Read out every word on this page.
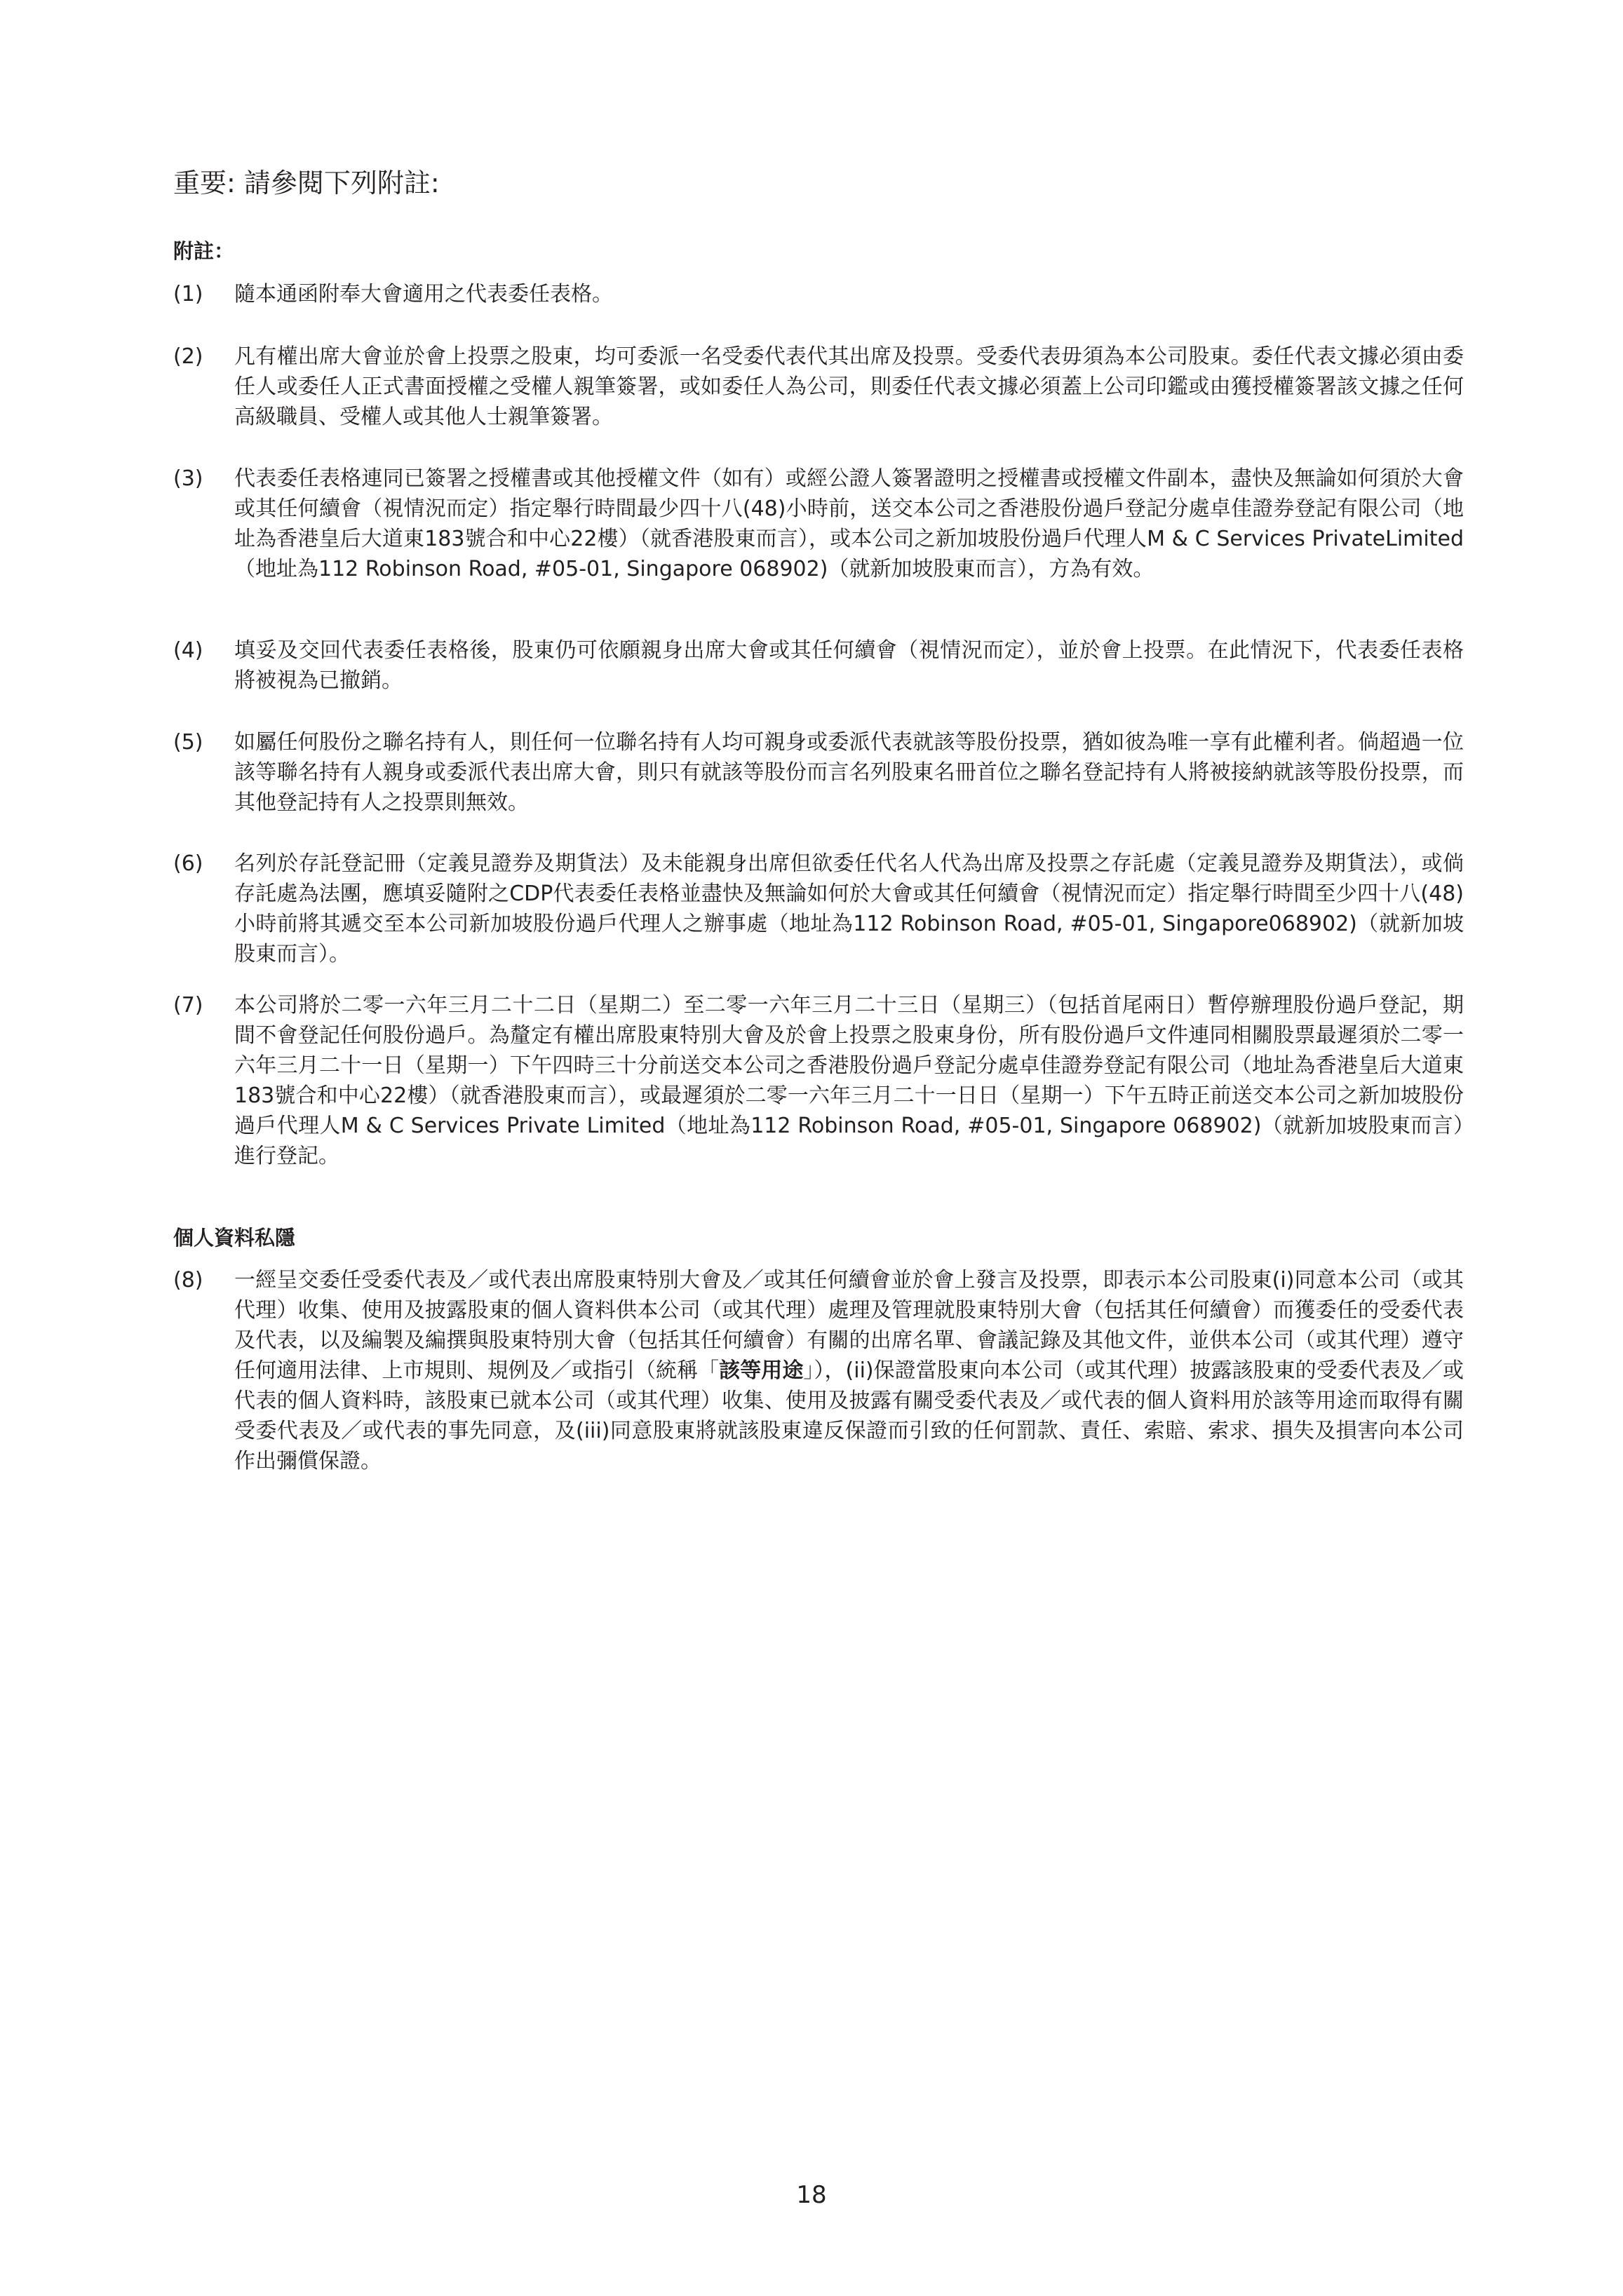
重要: 請參閱下列附註:
附註：
(1)	隨本通函附奉大會適用之代表委任表格。
(2)	凡有權出席大會並於會上投票之股東，均可委派一名受委代表代其出席及投票。受委代表毋須為本公司股東。委任代表文據必須由委任人或委任人正式書面授權之受權人親筆簽署，或如委任人為公司，則委任代表文據必須蓋上公司印鑑或由獲授權簽署該文據之任何高級職員、受權人或其他人士親筆簽署。
(3)	代表委任表格連同已簽署之授權書或其他授權文件（如有）或經公證人簽署證明之授權書或授權文件副本，盡快及無論如何須於大會或其任何續會（視情況而定）指定舉行時間最少四十八(48)小時前，送交本公司之香港股份過戶登記分處卓佳證券登記有限公司（地址為香港皇后大道東183號合和中心22樓）（就香港股東而言），或本公司之新加坡股份過戶代理人M & C Services PrivateLimited（地址為112 Robinson Road, #05-01, Singapore 068902)（就新加坡股東而言），方為有效。
(4)	填妥及交回代表委任表格後，股東仍可依願親身出席大會或其任何續會（視情況而定），並於會上投票。在此情況下，代表委任表格將被視為已撤銷。
(5)	如屬任何股份之聯名持有人，則任何一位聯名持有人均可親身或委派代表就該等股份投票，猶如彼為唯一享有此權利者。倘超過一位該等聯名持有人親身或委派代表出席大會，則只有就該等股份而言名列股東名冊首位之聯名登記持有人將被接納就該等股份投票，而其他登記持有人之投票則無效。
(6)	名列於存託登記冊（定義見證券及期貨法）及未能親身出席但欲委任代名人代為出席及投票之存託處（定義見證券及期貨法），或倘存託處為法團，應填妥隨附之CDP代表委任表格並盡快及無論如何於大會或其任何續會（視情況而定）指定舉行時間至少四十八(48)小時前將其遞交至本公司新加坡股份過戶代理人之辦事處（地址為112 Robinson Road, #05-01, Singapore068902)（就新加坡股東而言）。
(7)	本公司將於二零一六年三月二十二日（星期二）至二零一六年三月二十三日（星期三）（包括首尾兩日）暫停辦理股份過戶登記，期間不會登記任何股份過戶。為釐定有權出席股東特別大會及於會上投票之股東身份，所有股份過戶文件連同相關股票最遲須於二零一六年三月二十一日（星期一）下午四時三十分前送交本公司之香港股份過戶登記分處卓佳證券登記有限公司（地址為香港皇后大道東183號合和中心22樓）（就香港股東而言），或最遲須於二零一六年三月二十一日日（星期一）下午五時正前送交本公司之新加坡股份過戶代理人M & C Services Private Limited（地址為112 Robinson Road, #05-01, Singapore 068902)（就新加坡股東而言）進行登記。
個人資料私隱
(8)	一經呈交委任受委代表及／或代表出席股東特別大會及／或其任何續會並於會上發言及投票，即表示本公司股東(i)同意本公司（或其代理）收集、使用及披露股東的個人資料供本公司（或其代理）處理及管理就股東特別大會（包括其任何續會）而獲委任的受委代表及代表，以及編製及編撰與股東特別大會（包括其任何續會）有關的出席名單、會議記錄及其他文件，並供本公司（或其代理）遵守任何適用法律、上市規則、規例及／或指引（統稱「該等用途」），(ii)保證當股東向本公司（或其代理）披露該股東的受委代表及／或代表的個人資料時，該股東已就本公司（或其代理）收集、使用及披露有關受委代表及／或代表的個人資料用於該等用途而取得有關受委代表及／或代表的事先同意，及(iii)同意股東將就該股東違反保證而引致的任何罰款、責任、索賠、索求、損失及損害向本公司作出彌償保證。
18
